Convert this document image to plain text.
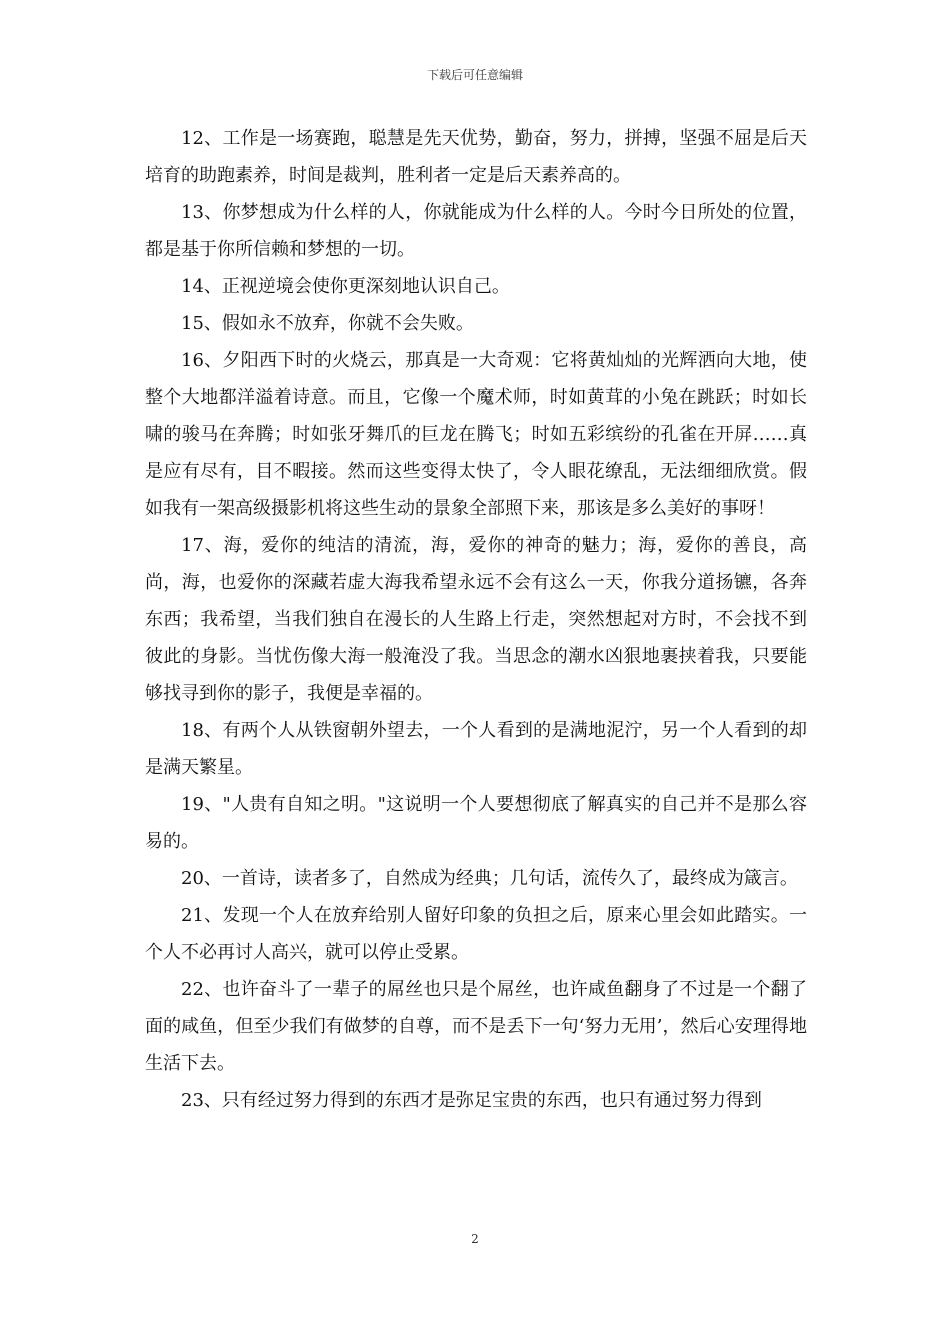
下载后可任意编辑

12、工作是一场赛跑，聪慧是先天优势，勤奋，努力，拼搏，坚强不屈是后天培育的助跑素养，时间是裁判，胜利者一定是后天素养高的。

13、你梦想成为什么样的人，你就能成为什么样的人。今时今日所处的位置，都是基于你所信赖和梦想的一切。

14、正视逆境会使你更深刻地认识自己。

15、假如永不放弃，你就不会失败。

16、夕阳西下时的火烧云，那真是一大奇观：它将黄灿灿的光辉洒向大地，使整个大地都洋溢着诗意。而且，它像一个魔术师，时如黄茸的小兔在跳跃；时如长啸的骏马在奔腾；时如张牙舞爪的巨龙在腾飞；时如五彩缤纷的孔雀在开屏……真是应有尽有，目不暇接。然而这些变得太快了，令人眼花缭乱，无法细细欣赏。假如我有一架高级摄影机将这些生动的景象全部照下来，那该是多么美好的事呀！

17、海，爱你的纯洁的清流，海，爱你的神奇的魅力；海，爱你的善良，高尚，海，也爱你的深藏若虚大海我希望永远不会有这么一天，你我分道扬镳，各奔东西；我希望，当我们独自在漫长的人生路上行走，突然想起对方时，不会找不到彼此的身影。当忧伤像大海一般淹没了我。当思念的潮水凶狠地裹挟着我，只要能够找寻到你的影子，我便是幸福的。

18、有两个人从铁窗朝外望去，一个人看到的是满地泥泞，另一个人看到的却是满天繁星。

19、"人贵有自知之明。"这说明一个人要想彻底了解真实的自己并不是那么容易的。

20、一首诗，读者多了，自然成为经典；几句话，流传久了，最终成为箴言。

21、发现一个人在放弃给别人留好印象的负担之后，原来心里会如此踏实。一个人不必再讨人高兴，就可以停止受累。

22、也许奋斗了一辈子的屌丝也只是个屌丝，也许咸鱼翻身了不过是一个翻了面的咸鱼，但至少我们有做梦的自尊，而不是丢下一句‘努力无用’，然后心安理得地生活下去。

23、只有经过努力得到的东西才是弥足宝贵的东西，也只有通过努力得到

2
